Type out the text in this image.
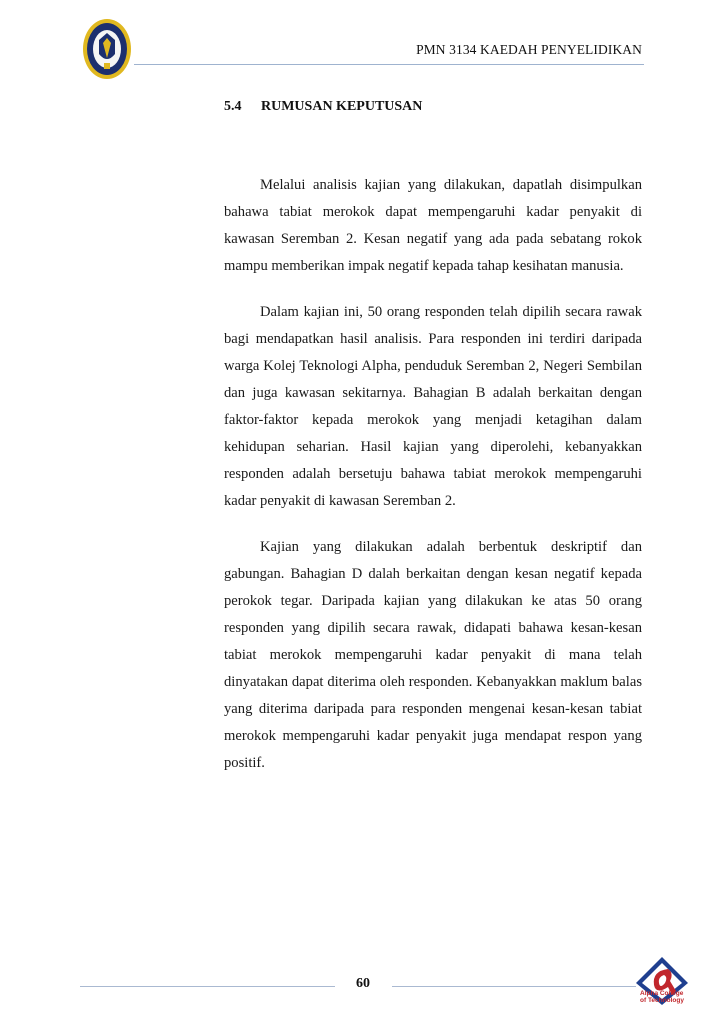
PMN 3134 KAEDAH PENYELIDIKAN
5.4 RUMUSAN KEPUTUSAN

Melalui analisis kajian yang dilakukan, dapatlah disimpulkan bahawa tabiat merokok dapat mempengaruhi kadar penyakit di kawasan Seremban 2. Kesan negatif yang ada pada sebatang rokok mampu memberikan impak negatif kepada tahap kesihatan manusia.

Dalam kajian ini, 50 orang responden telah dipilih secara rawak bagi mendapatkan hasil analisis. Para responden ini terdiri daripada warga Kolej Teknologi Alpha, penduduk Seremban 2, Negeri Sembilan dan juga kawasan sekitarnya. Bahagian B adalah berkaitan dengan faktor-faktor kepada merokok yang menjadi ketagihan dalam kehidupan seharian. Hasil kajian yang diperolehi, kebanyakkan responden adalah bersetuju bahawa tabiat merokok mempengaruhi kadar penyakit di kawasan Seremban 2.

Kajian yang dilakukan adalah berbentuk deskriptif dan gabungan. Bahagian D dalah berkaitan dengan kesan negatif kepada perokok tegar. Daripada kajian yang dilakukan ke atas 50 orang responden yang dipilih secara rawak, didapati bahawa kesan-kesan tabiat merokok mempengaruhi kadar penyakit di mana telah dinyatakan dapat diterima oleh responden. Kebanyakkan maklum balas yang diterima daripada para responden mengenai kesan-kesan tabiat merokok mempengaruhi kadar penyakit juga mendapat respon yang positif.

60
Alpha College
of Technology
